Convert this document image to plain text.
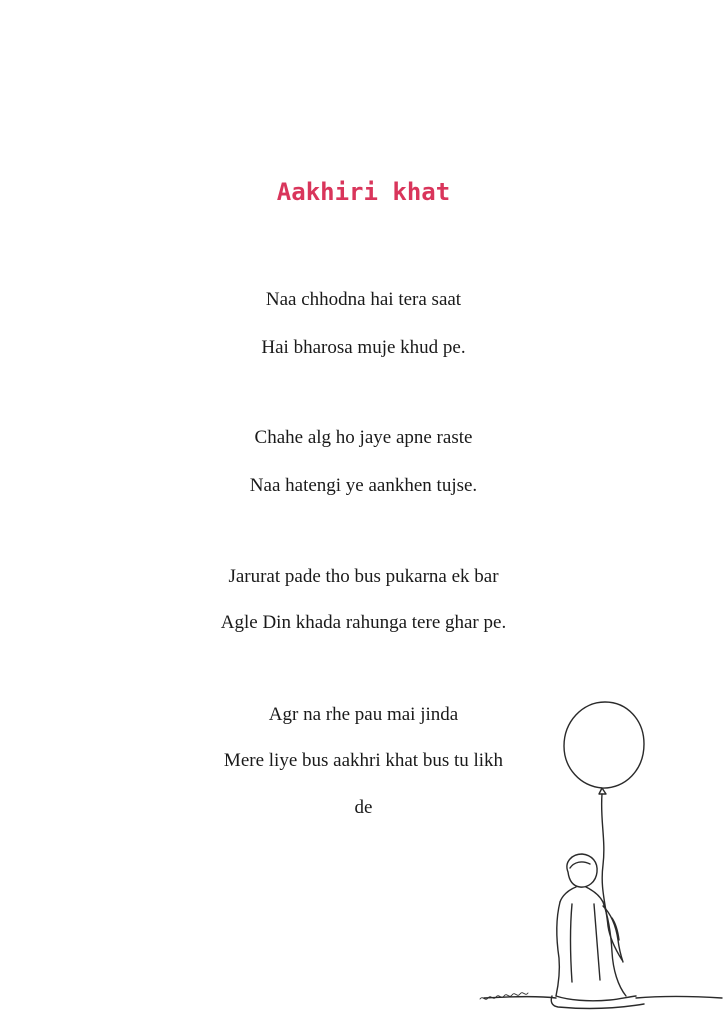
Aakhiri khat

Naa chhodna hai tera saat

Hai bharosa muje khud pe.

Chahe alg ho jaye apne raste

Naa hatengi ye aankhen tujse.

Jarurat pade tho bus pukarna ek bar

Agle Din khada rahunga tere ghar pe.

Agr na rhe pau mai jinda

Mere liye bus aakhri khat bus tu likh

de
